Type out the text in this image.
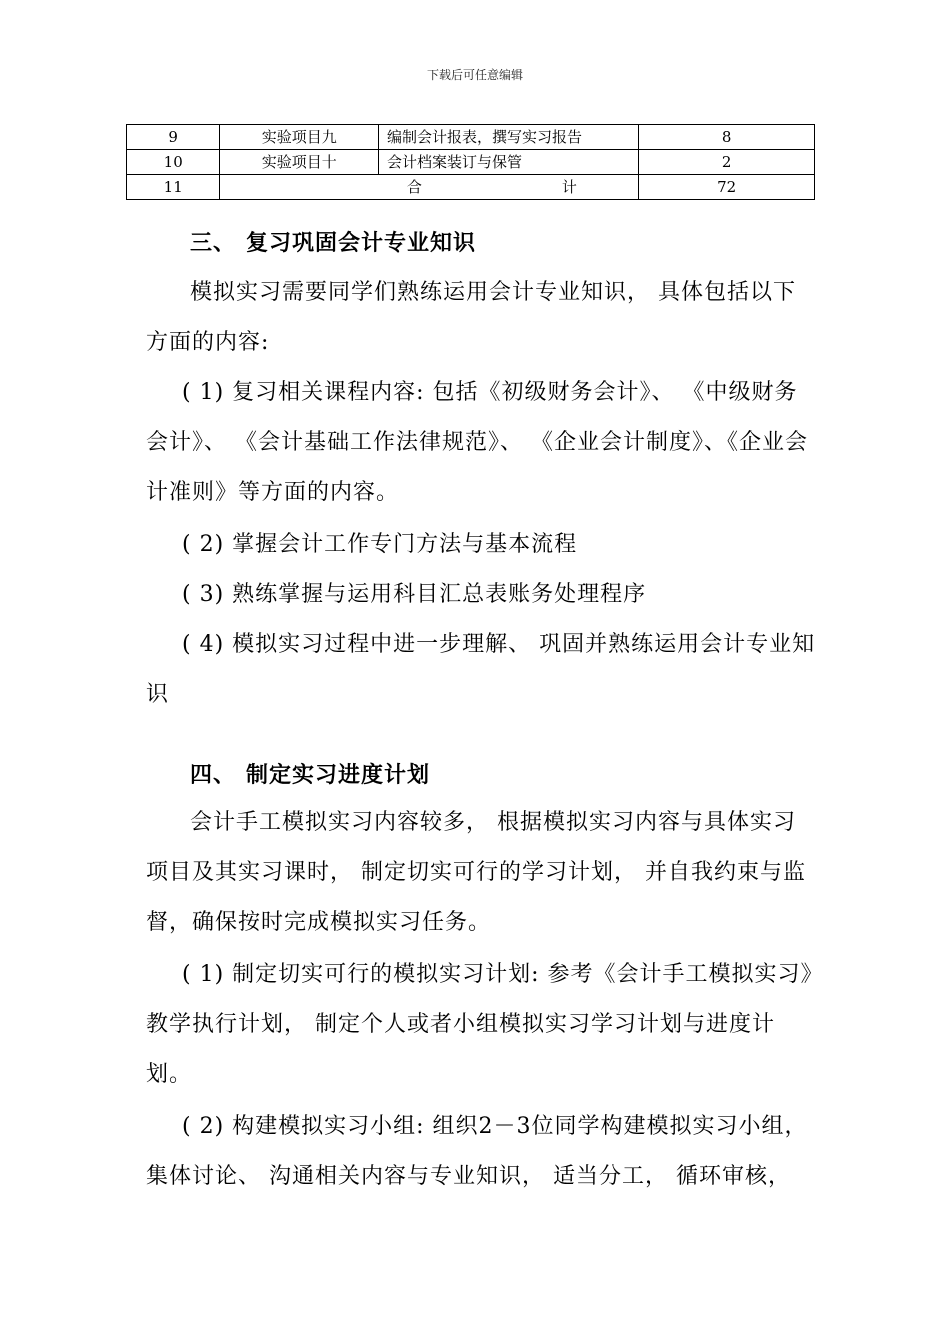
下载后可任意编辑
9	实验项目九	编制会计报表，撰写实习报告	8
10	实验项目十	会计档案装订与保管	2
11	合 计		72
三、 复习巩固会计专业知识

模拟实习需要同学们熟练运用会计专业知识， 具体包括以下方面的内容:

( 1) 复习相关课程内容: 包括《初级财务会计》、 《中级财务会计》、 《会计基础工作法律规范》、 《企业会计制度》、《企业会计准则》等方面的内容。

( 2) 掌握会计工作专门方法与基本流程

( 3) 熟练掌握与运用科目汇总表账务处理程序

( 4) 模拟实习过程中进一步理解、 巩固并熟练运用会计专业知识

四、 制定实习进度计划

会计手工模拟实习内容较多， 根据模拟实习内容与具体实习项目及其实习课时， 制定切实可行的学习计划， 并自我约束与监督，确保按时完成模拟实习任务。

( 1) 制定切实可行的模拟实习计划: 参考《会计手工模拟实习》教学执行计划， 制定个人或者小组模拟实习学习计划与进度计划。

( 2) 构建模拟实习小组: 组织2－3位同学构建模拟实习小组， 集体讨论、 沟通相关内容与专业知识， 适当分工， 循环审核，
